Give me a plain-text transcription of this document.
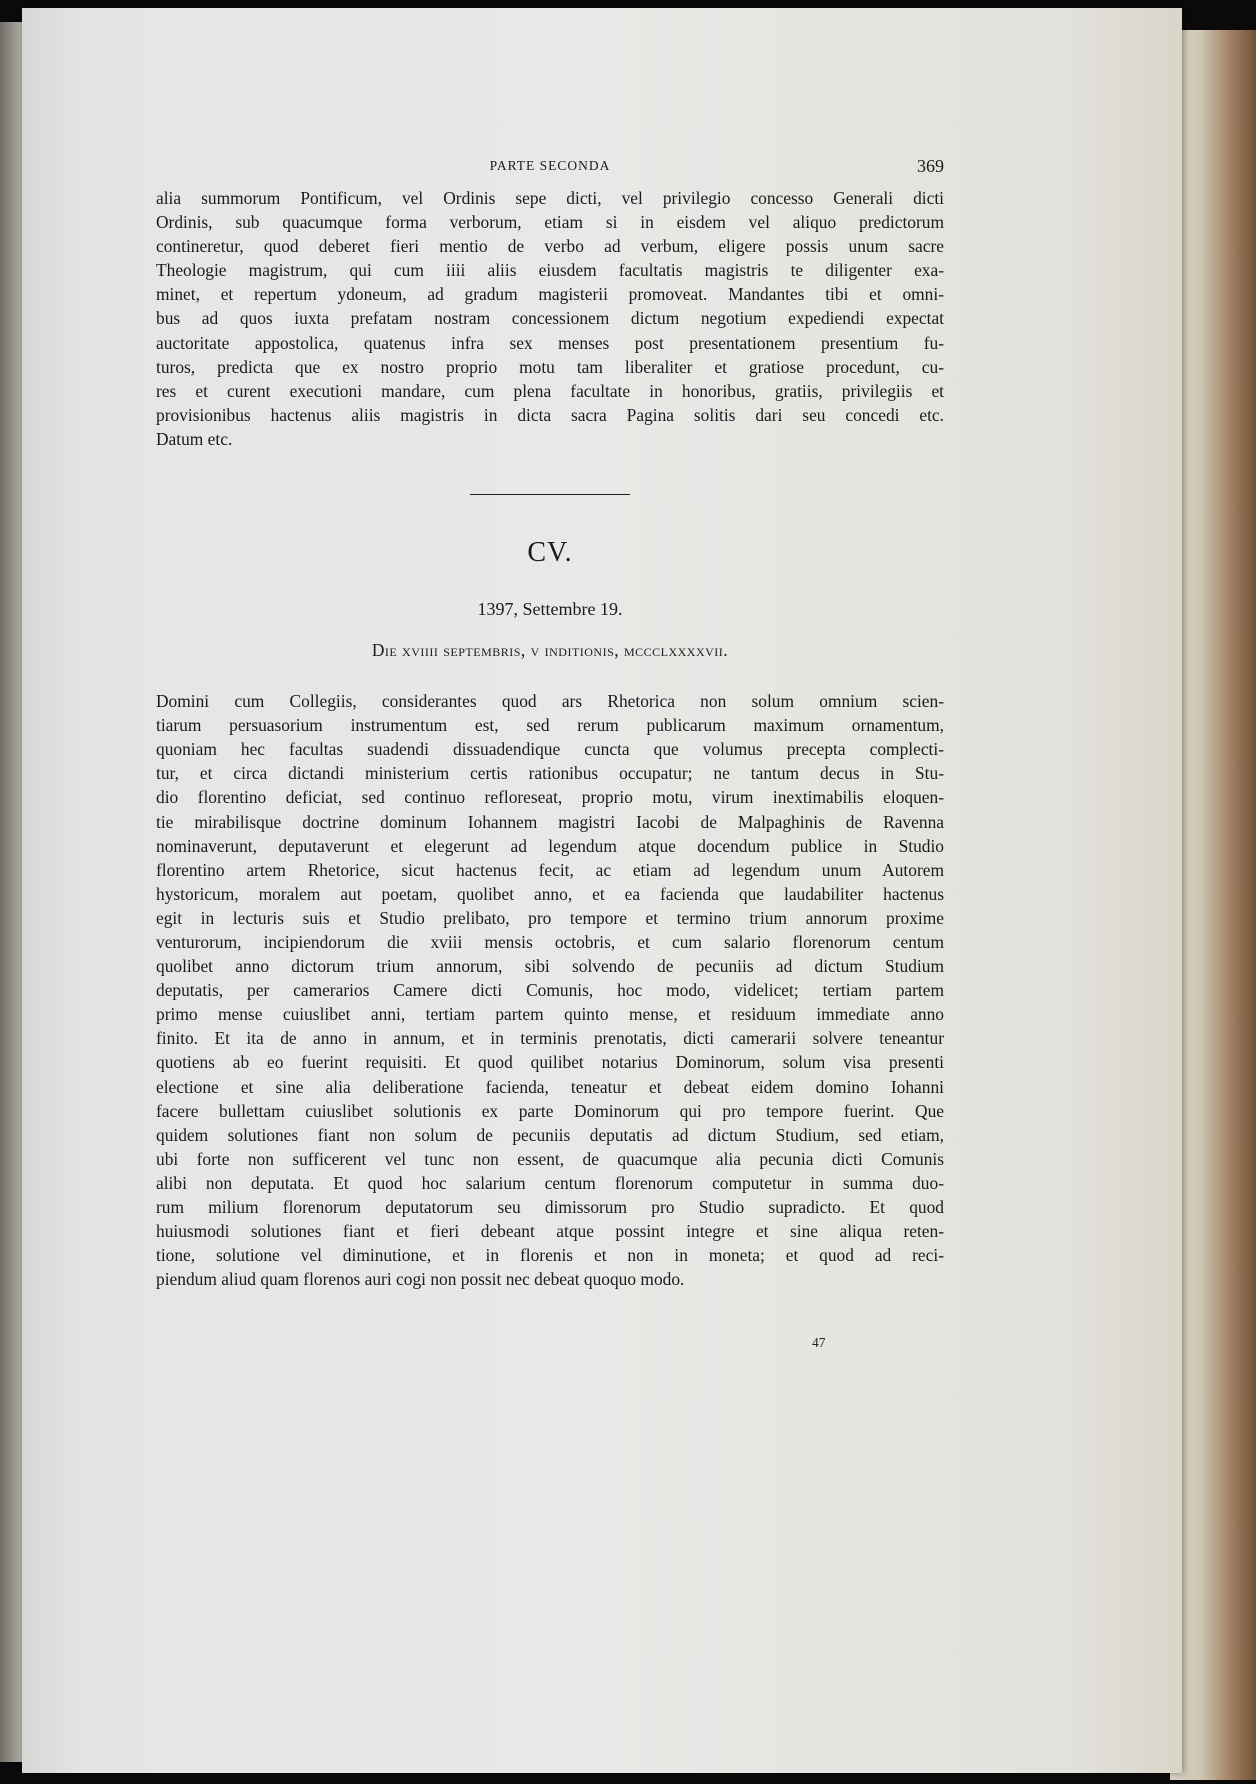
PARTE SECONDA	369
alia summorum Pontificum, vel Ordinis sepe dicti, vel privilegio concesso Generali dicti
Ordinis, sub quacumque forma verborum, etiam si in eisdem vel aliquo predictorum
contineretur, quod deberet fieri mentio de verbo ad verbum, eligere possis unum sacre
Theologie magistrum, qui cum iiii aliis eiusdem facultatis magistris te diligenter exa-
minet, et repertum ydoneum, ad gradum magisterii promoveat. Mandantes tibi et omni-
bus ad quos iuxta prefatam nostram concessionem dictum negotium expediendi expectat
auctoritate appostolica, quatenus infra sex menses post presentationem presentium fu-
turos, predicta que ex nostro proprio motu tam liberaliter et gratiose procedunt, cu-
res et curent executioni mandare, cum plena facultate in honoribus, gratiis, privilegiis et
provisionibus hactenus aliis magistris in dicta sacra Pagina solitis dari seu concedi etc.
Datum etc.
CV.
1397, Settembre 19.
Die xviiii septembris, v inditionis, mccclxxxxvii.
Domini cum Collegiis, considerantes quod ars Rhetorica non solum omnium scien-
tiarum persuasorium instrumentum est, sed rerum publicarum maximum ornamentum,
quoniam hec facultas suadendi dissuadendique cuncta que volumus precepta complecti-
tur, et circa dictandi ministerium certis rationibus occupatur; ne tantum decus in Stu-
dio florentino deficiat, sed continuo refloreseat, proprio motu, virum inextimabilis eloquen-
tie mirabilisque doctrine dominum Iohannem magistri Iacobi de Malpaghinis de Ravenna
nominaverunt, deputaverunt et elegerunt ad legendum atque docendum publice in Studio
florentino artem Rhetorice, sicut hactenus fecit, ac etiam ad legendum unum Autorem
hystoricum, moralem aut poetam, quolibet anno, et ea facienda que laudabiliter hactenus
egit in lecturis suis et Studio prelibato, pro tempore et termino trium annorum proxime
venturorum, incipiendorum die xviii mensis octobris, et cum salario florenorum centum
quolibet anno dictorum trium annorum, sibi solvendo de pecuniis ad dictum Studium
deputatis, per camerarios Camere dicti Comunis, hoc modo, videlicet; tertiam partem
primo mense cuiuslibet anni, tertiam partem quinto mense, et residuum immediate anno
finito. Et ita de anno in annum, et in terminis prenotatis, dicti camerarii solvere teneantur
quotiens ab eo fuerint requisiti. Et quod quilibet notarius Dominorum, solum visa presenti
electione et sine alia deliberatione facienda, teneatur et debeat eidem domino Iohanni
facere bullettam cuiuslibet solutionis ex parte Dominorum qui pro tempore fuerint. Que
quidem solutiones fiant non solum de pecuniis deputatis ad dictum Studium, sed etiam,
ubi forte non sufficerent vel tunc non essent, de quacumque alia pecunia dicti Comunis
alibi non deputata. Et quod hoc salarium centum florenorum computetur in summa duo-
rum milium florenorum deputatorum seu dimissorum pro Studio supradicto. Et quod
huiusmodi solutiones fiant et fieri debeant atque possint integre et sine aliqua reten-
tione, solutione vel diminutione, et in florenis et non in moneta; et quod ad reci-
piendum aliud quam florenos auri cogi non possit nec debeat quoquo modo.
47
